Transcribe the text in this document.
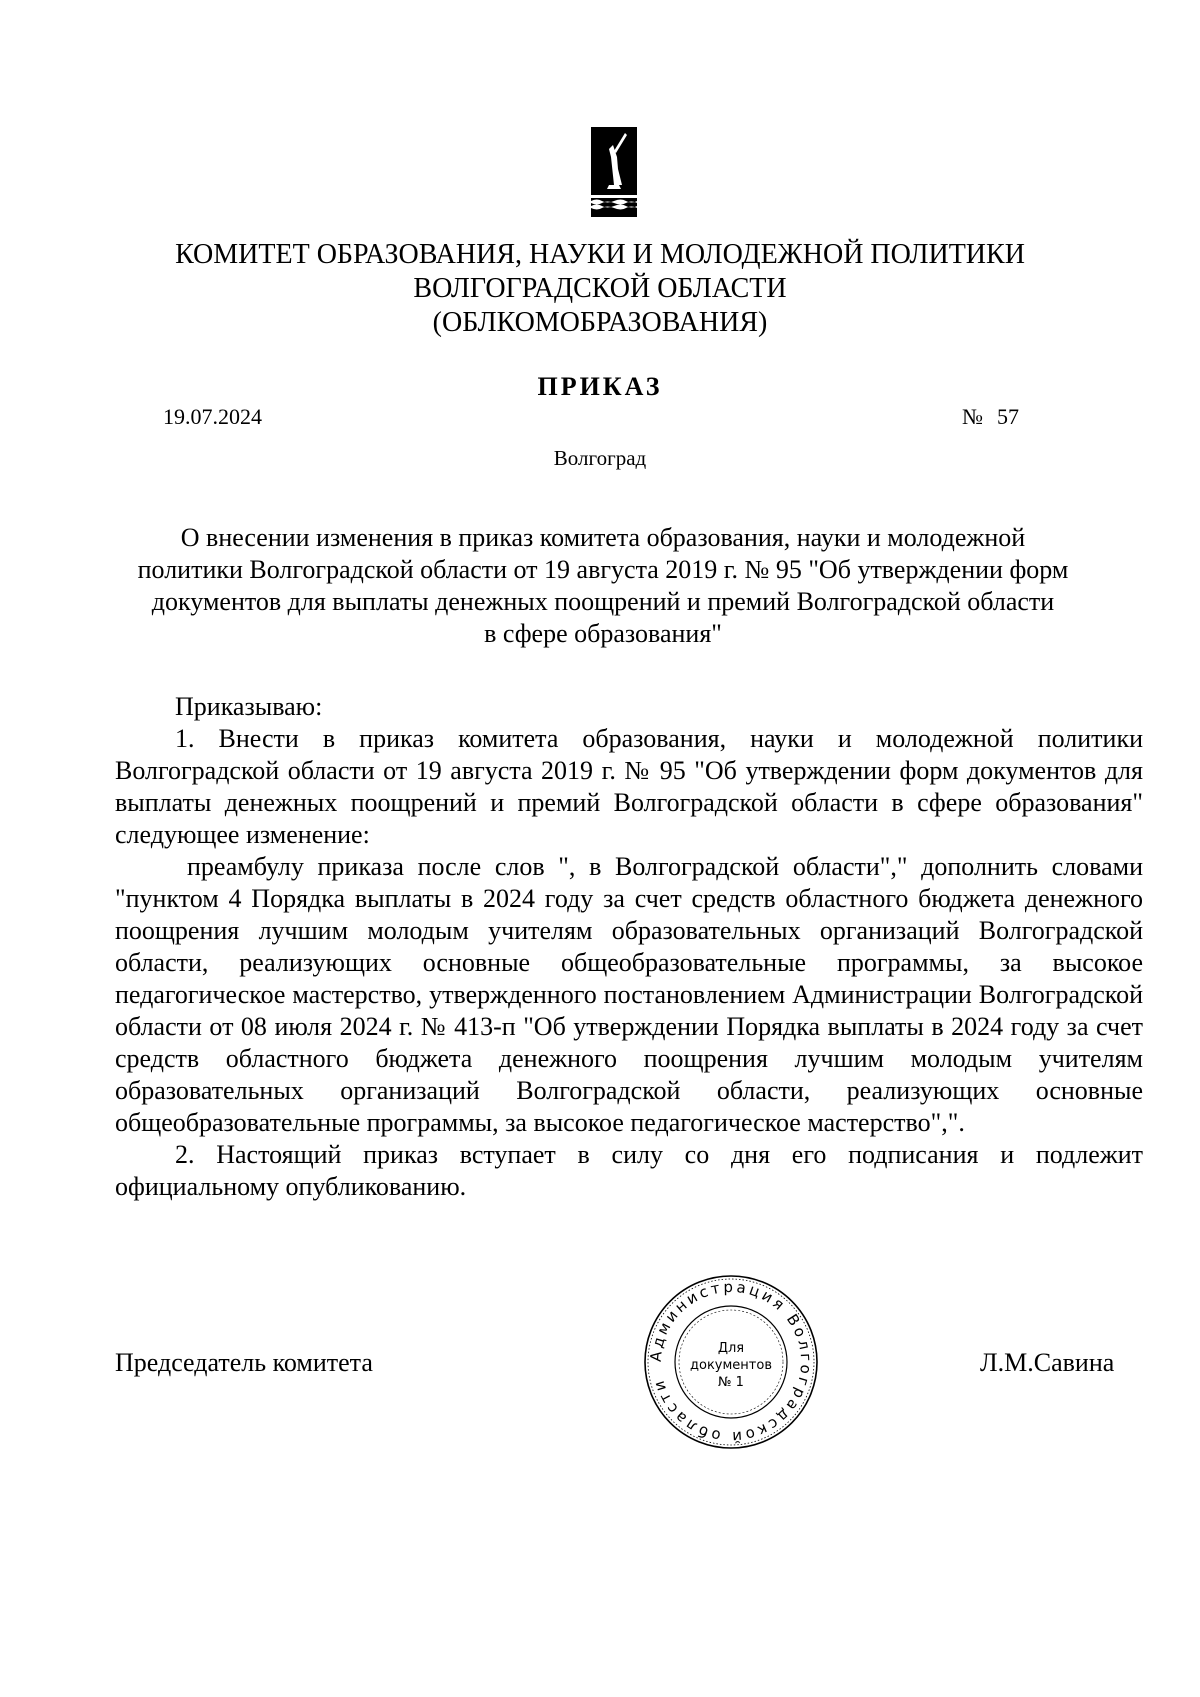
КОМИТЕТ ОБРАЗОВАНИЯ, НАУКИ И МОЛОДЕЖНОЙ ПОЛИТИКИ
ВОЛГОГРАДСКОЙ ОБЛАСТИ
(ОБЛКОМОБРАЗОВАНИЯ)
ПРИКАЗ
19.07.2024	№ 57
Волгоград
О внесении изменения в приказ комитета образования, науки и молодежной
политики Волгоградской области от 19 августа 2019 г. № 95 "Об утверждении форм
документов для выплаты денежных поощрений и премий Волгоградской области
в сфере образования"

Приказываю:

1. Внести в приказ комитета образования, науки и молодежной политики Волгоградской области от 19 августа 2019 г. № 95 "Об утверждении форм документов для выплаты денежных поощрений и премий Волгоградской области в сфере образования" следующее изменение:

преамбулу приказа после слов ", в Волгоградской области"," дополнить словами "пунктом 4 Порядка выплаты в 2024 году за счет средств областного бюджета денежного поощрения лучшим молодым учителям образовательных организаций Волгоградской области, реализующих основные общеобразовательные программы, за высокое педагогическое мастерство, утвержденного постановлением Администрации Волгоградской области от 08 июля 2024 г. № 413-п "Об утверждении Порядка выплаты в 2024 году за счет средств областного бюджета денежного поощрения лучшим молодым учителям образовательных организаций Волгоградской области, реализующих основные общеобразовательные программы, за высокое педагогическое мастерство",".

2. Настоящий приказ вступает в силу со дня его подписания и подлежит официальному опубликованию.

Председатель комитета	Администрация Волгоградской области
Для
документов
№ 1
Л.М.Савина
